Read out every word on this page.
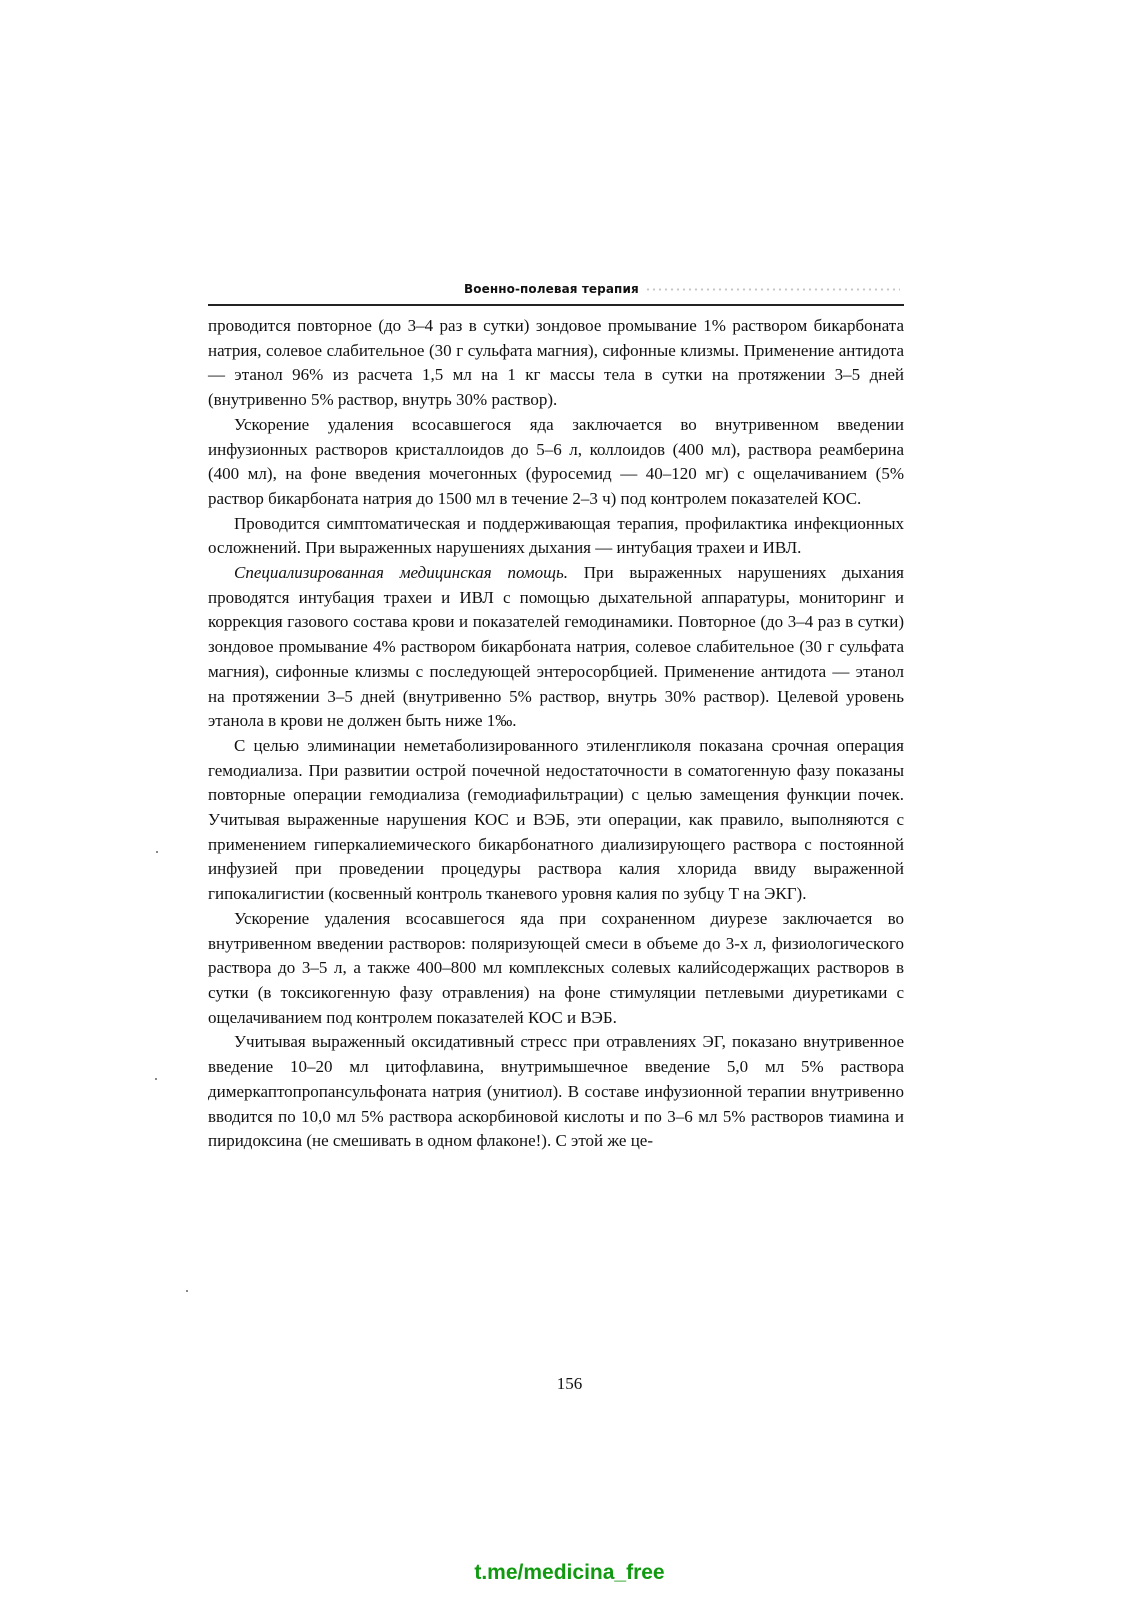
Военно-полевая терапия

проводится повторное (до 3–4 раз в сутки) зондовое промывание 1% раствором бикарбоната натрия, солевое слабительное (30 г сульфата магния), сифонные клизмы. Применение антидота — этанол 96% из расчета 1,5 мл на 1 кг массы тела в сутки на протяжении 3–5 дней (внутривенно 5% раствор, внутрь 30% раствор).

Ускорение удаления всосавшегося яда заключается во внутривенном введении инфузионных растворов кристаллоидов до 5–6 л, коллоидов (400 мл), раствора реамберина (400 мл), на фоне введения мочегонных (фуросемид — 40–120 мг) с ощелачиванием (5% раствор бикарбоната натрия до 1500 мл в течение 2–3 ч) под контролем показателей КОС.

Проводится симптоматическая и поддерживающая терапия, профилактика инфекционных осложнений. При выраженных нарушениях дыхания — интубация трахеи и ИВЛ.

Специализированная медицинская помощь. При выраженных нарушениях дыхания проводятся интубация трахеи и ИВЛ с помощью дыхательной аппаратуры, мониторинг и коррекция газового состава крови и показателей гемодинамики. Повторное (до 3–4 раз в сутки) зондовое промывание 4% раствором бикарбоната натрия, солевое слабительное (30 г сульфата магния), сифонные клизмы с последующей энтеросорбцией. Применение антидота — этанол на протяжении 3–5 дней (внутривенно 5% раствор, внутрь 30% раствор). Целевой уровень этанола в крови не должен быть ниже 1‰.

С целью элиминации неметаболизированного этиленгликоля показана срочная операция гемодиализа. При развитии острой почечной недостаточности в соматогенную фазу показаны повторные операции гемодиализа (гемодиафильтрации) с целью замещения функции почек. Учитывая выраженные нарушения КОС и ВЭБ, эти операции, как правило, выполняются с применением гиперкалиемического бикарбонатного диализирующего раствора с постоянной инфузией при проведении процедуры раствора калия хлорида ввиду выраженной гипокалигистии (косвенный контроль тканевого уровня калия по зубцу Т на ЭКГ).

Ускорение удаления всосавшегося яда при сохраненном диурезе заключается во внутривенном введении растворов: поляризующей смеси в объеме до 3-х л, физиологического раствора до 3–5 л, а также 400–800 мл комплексных солевых калийсодержащих растворов в сутки (в токсикогенную фазу отравления) на фоне стимуляции петлевыми диуретиками с ощелачиванием под контролем показателей КОС и ВЭБ.

Учитывая выраженный оксидативный стресс при отравлениях ЭГ, показано внутривенное введение 10–20 мл цитофлавина, внутримышечное введение 5,0 мл 5% раствора димеркаптопропансульфоната натрия (унитиол). В составе инфузионной терапии внутривенно вводится по 10,0 мл 5% раствора аскорбиновой кислоты и по 3–6 мл 5% растворов тиамина и пиридоксина (не смешивать в одном флаконе!). С этой же це-

156
t.me/medicina_free
